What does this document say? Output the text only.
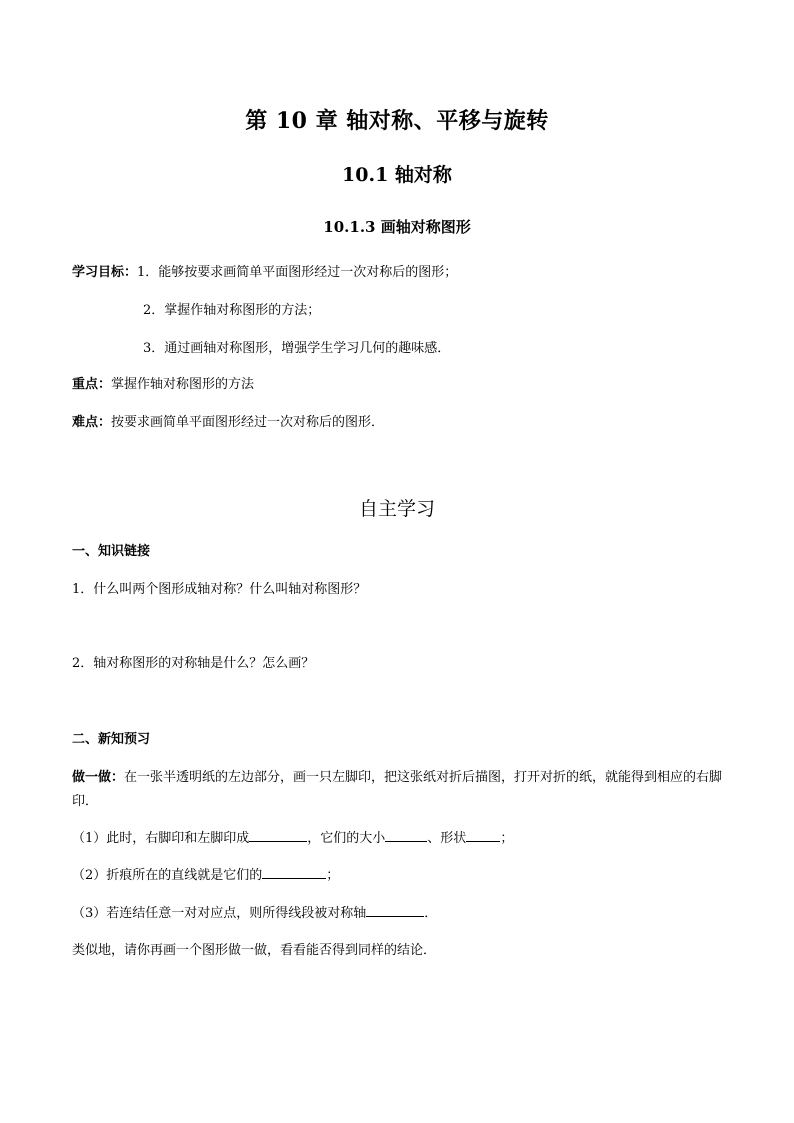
第 10 章 轴对称、平移与旋转
10.1 轴对称
10.1.3 画轴对称图形
学习目标：1．能够按要求画简单平面图形经过一次对称后的图形；
2．掌握作轴对称图形的方法；
3．通过画轴对称图形，增强学生学习几何的趣味感．
重点：掌握作轴对称图形的方法
难点：按要求画简单平面图形经过一次对称后的图形．
自主学习
一、知识链接
1．什么叫两个图形成轴对称？什么叫轴对称图形？
2．轴对称图形的对称轴是什么？怎么画？
二、新知预习
做一做：在一张半透明纸的左边部分，画一只左脚印，把这张纸对折后描图，打开对折的纸，就能得到相应的右脚印．
（1）此时，右脚印和左脚印成	，它们的大小	、形状	；
（2）折痕所在的直线就是它们的	；
（3）若连结任意一对对应点，则所得线段被对称轴	．
类似地，请你再画一个图形做一做，看看能否得到同样的结论．
